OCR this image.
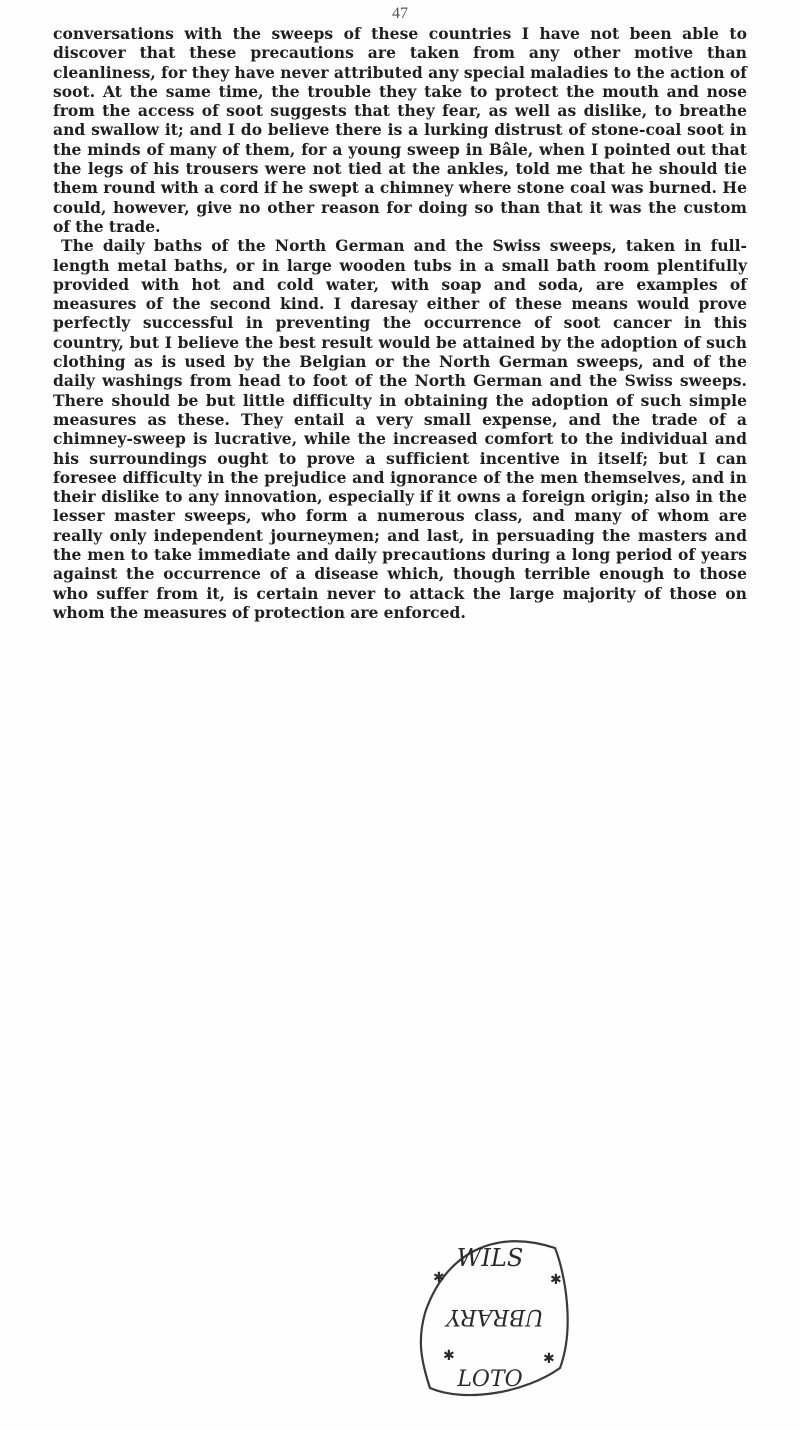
47

conversations with the sweeps of these countries I have not been able to discover that these precautions are taken from any other motive than cleanliness, for they have never attributed any special maladies to the action of soot. At the same time, the trouble they take to protect the mouth and nose from the access of soot suggests that they fear, as well as dislike, to breathe and swallow it; and I do believe there is a lurking distrust of stone-coal soot in the minds of many of them, for a young sweep in Bâle, when I pointed out that the legs of his trousers were not tied at the ankles, told me that he should tie them round with a cord if he swept a chimney where stone coal was burned. He could, however, give no other reason for doing so than that it was the custom of the trade.

The daily baths of the North German and the Swiss sweeps, taken in full-length metal baths, or in large wooden tubs in a small bath room plentifully provided with hot and cold water, with soap and soda, are examples of measures of the second kind. I daresay either of these means would prove perfectly successful in preventing the occurrence of soot cancer in this country, but I believe the best result would be attained by the adoption of such clothing as is used by the Belgian or the North German sweeps, and of the daily washings from head to foot of the North German and the Swiss sweeps. There should be but little difficulty in obtaining the adoption of such simple measures as these. They entail a very small expense, and the trade of a chimney-sweep is lucrative, while the increased comfort to the individual and his surroundings ought to prove a sufficient incentive in itself; but I can foresee difficulty in the prejudice and ignorance of the men themselves, and in their dislike to any innovation, especially if it owns a foreign origin; also in the lesser master sweeps, who form a numerous class, and many of whom are really only independent journeymen; and last, in persuading the masters and the men to take immediate and daily precautions during a long period of years against the occurrence of a disease which, though terrible enough to those who suffer from it, is certain never to attack the large majority of those on whom the measures of protection are enforced.

WILS
UBRARY
LOTO
✱	✱
✱	✱
